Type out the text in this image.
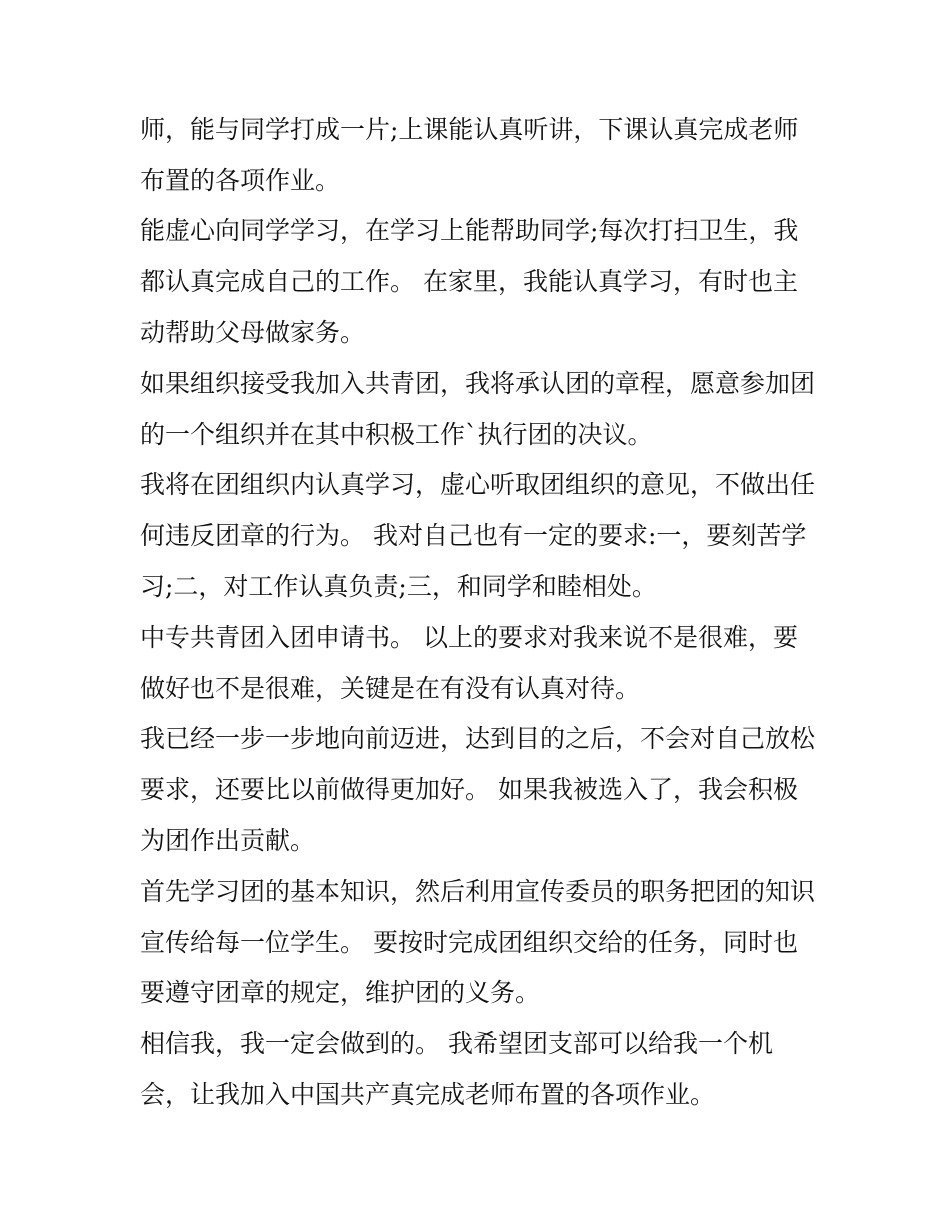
师，能与同学打成一片;上课能认真听讲，下课认真完成老师

布置的各项作业。

能虚心向同学学习，在学习上能帮助同学;每次打扫卫生，我

都认真完成自己的工作。 在家里，我能认真学习，有时也主

动帮助父母做家务。

如果组织接受我加入共青团，我将承认团的章程，愿意参加团

的一个组织并在其中积极工作`执行团的决议。

我将在团组织内认真学习，虚心听取团组织的意见，不做出任

何违反团章的行为。 我对自己也有一定的要求:一，要刻苦学

习;二，对工作认真负责;三，和同学和睦相处。

中专共青团入团申请书。 以上的要求对我来说不是很难，要

做好也不是很难，关键是在有没有认真对待。

我已经一步一步地向前迈进，达到目的之后，不会对自己放松

要求，还要比以前做得更加好。 如果我被选入了，我会积极

为团作出贡献。

首先学习团的基本知识，然后利用宣传委员的职务把团的知识

宣传给每一位学生。 要按时完成团组织交给的任务，同时也

要遵守团章的规定，维护团的义务。

相信我，我一定会做到的。 我希望团支部可以给我一个机

会，让我加入中国共产真完成老师布置的各项作业。
